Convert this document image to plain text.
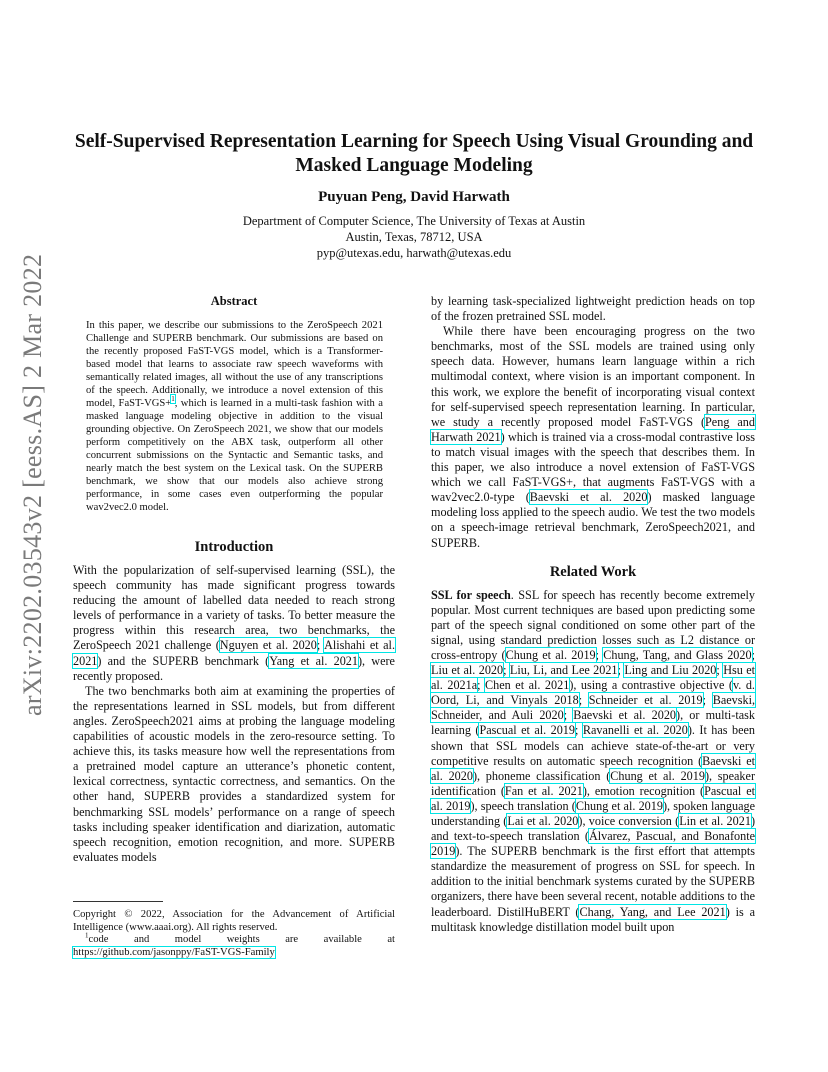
arXiv:2202.03543v2 [eess.AS] 2 Mar 2022
Self-Supervised Representation Learning for Speech Using Visual Grounding and
Masked Language Modeling
Puyuan Peng, David Harwath
Department of Computer Science, The University of Texas at Austin
Austin, Texas, 78712, USA
pyp@utexas.edu, harwath@utexas.edu
Abstract

In this paper, we describe our submissions to the ZeroSpeech 2021 Challenge and SUPERB benchmark. Our submissions are based on the recently proposed FaST-VGS model, which is a Transformer-based model that learns to associate raw speech waveforms with semantically related images, all without the use of any transcriptions of the speech. Additionally, we introduce a novel extension of this model, FaST-VGS+$^1$, which is learned in a multi-task fashion with a masked language modeling objective in addition to the visual grounding objective. On ZeroSpeech 2021, we show that our models perform competitively on the ABX task, outperform all other concurrent submissions on the Syntactic and Semantic tasks, and nearly match the best system on the Lexical task. On the SUPERB benchmark, we show that our models also achieve strong performance, in some cases even outperforming the popular wav2vec2.0 model.

Introduction

With the popularization of self-supervised learning (SSL), the speech community has made significant progress towards reducing the amount of labelled data needed to reach strong levels of performance in a variety of tasks. To better measure the progress within this research area, two benchmarks, the ZeroSpeech 2021 challenge (Nguyen et al. 2020; Alishahi et al. 2021) and the SUPERB benchmark (Yang et al. 2021), were recently proposed.

The two benchmarks both aim at examining the properties of the representations learned in SSL models, but from different angles. ZeroSpeech2021 aims at probing the language modeling capabilities of acoustic models in the zero-resource setting. To achieve this, its tasks measure how well the representations from a pretrained model capture an utterance’s phonetic content, lexical correctness, syntactic correctness, and semantics. On the other hand, SUPERB provides a standardized system for benchmarking SSL models’ performance on a range of speech tasks including speaker identification and diarization, automatic speech recognition, emotion recognition, and more. SUPERB evaluates models

Copyright © 2022, Association for the Advancement of Artificial Intelligence (www.aaai.org). All rights reserved.
$^1$code and model weights are available at
https://github.com/jasonppy/FaST-VGS-Family

by learning task-specialized lightweight prediction heads on top of the frozen pretrained SSL model.

While there have been encouraging progress on the two benchmarks, most of the SSL models are trained using only speech data. However, humans learn language within a rich multimodal context, where vision is an important component. In this work, we explore the benefit of incorporating visual context for self-supervised speech representation learning. In particular, we study a recently proposed model FaST-VGS (Peng and Harwath 2021) which is trained via a cross-modal contrastive loss to match visual images with the speech that describes them. In this paper, we also introduce a novel extension of FaST-VGS which we call FaST-VGS+, that augments FaST-VGS with a wav2vec2.0-type (Baevski et al. 2020) masked language modeling loss applied to the speech audio. We test the two models on a speech-image retrieval benchmark, ZeroSpeech2021, and SUPERB.

Related Work

SSL for speech. SSL for speech has recently become extremely popular. Most current techniques are based upon predicting some part of the speech signal conditioned on some other part of the signal, using standard prediction losses such as L2 distance or cross-entropy (Chung et al. 2019; Chung, Tang, and Glass 2020; Liu et al. 2020; Liu, Li, and Lee 2021; Ling and Liu 2020; Hsu et al. 2021a; Chen et al. 2021), using a contrastive objective (v. d. Oord, Li, and Vinyals 2018; Schneider et al. 2019; Baevski, Schneider, and Auli 2020; Baevski et al. 2020), or multi-task learning (Pascual et al. 2019; Ravanelli et al. 2020). It has been shown that SSL models can achieve state-of-the-art or very competitive results on automatic speech recognition (Baevski et al. 2020), phoneme classification (Chung et al. 2019), speaker identification (Fan et al. 2021), emotion recognition (Pascual et al. 2019), speech translation (Chung et al. 2019), spoken language understanding (Lai et al. 2020), voice conversion (Lin et al. 2021) and text-to-speech translation (Álvarez, Pascual, and Bonafonte 2019). The SUPERB benchmark is the first effort that attempts standardize the measurement of progress on SSL for speech. In addition to the initial benchmark systems curated by the SUPERB organizers, there have been several recent, notable additions to the leaderboard. DistilHuBERT (Chang, Yang, and Lee 2021) is a multitask knowledge distillation model built upon
